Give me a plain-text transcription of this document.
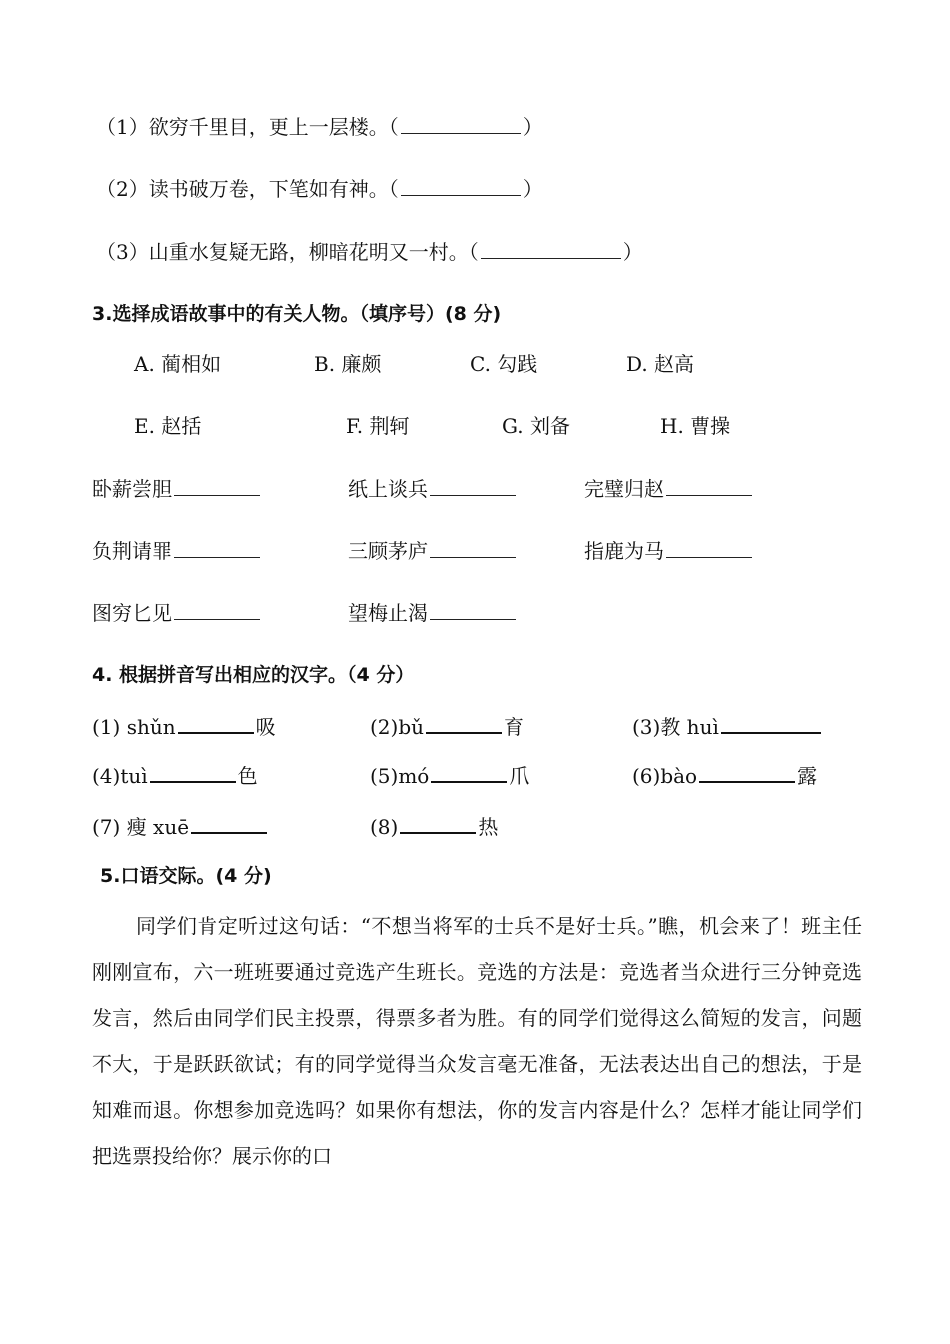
（1）欲穷千里目，更上一层楼。（	）
（2）读书破万卷，下笔如有神。（	）
（3）山重水复疑无路，柳暗花明又一村。（	）
3.选择成语故事中的有关人物。（填序号）(8 分)
A. 蔺相如	B. 廉颇	C. 勾践	D. 赵高
E. 赵括	F. 荆轲	G. 刘备	H. 曹操
卧薪尝胆	纸上谈兵	完璧归赵
负荆请罪	三顾茅庐	指鹿为马
图穷匕见	望梅止渴
4. 根据拼音写出相应的汉字。（4 分）
(1) shǔn	吸	(2)bǔ	育	(3)教 huì
(4)tuì	色	(5)mó	爪	(6)bào	露
(7) 瘦 xuē	(8)	热
5.口语交际。(4 分)

同学们肯定听过这句话：“不想当将军的士兵不是好士兵。”瞧，机会来了！班主任刚刚宣布，六一班班要通过竞选产生班长。竞选的方法是：竞选者当众进行三分钟竞选发言，然后由同学们民主投票，得票多者为胜。有的同学们觉得这么简短的发言，问题不大，于是跃跃欲试；有的同学觉得当众发言毫无准备，无法表达出自己的想法，于是知难而退。你想参加竞选吗？如果你有想法，你的发言内容是什么？怎样才能让同学们把选票投给你？展示你的口
